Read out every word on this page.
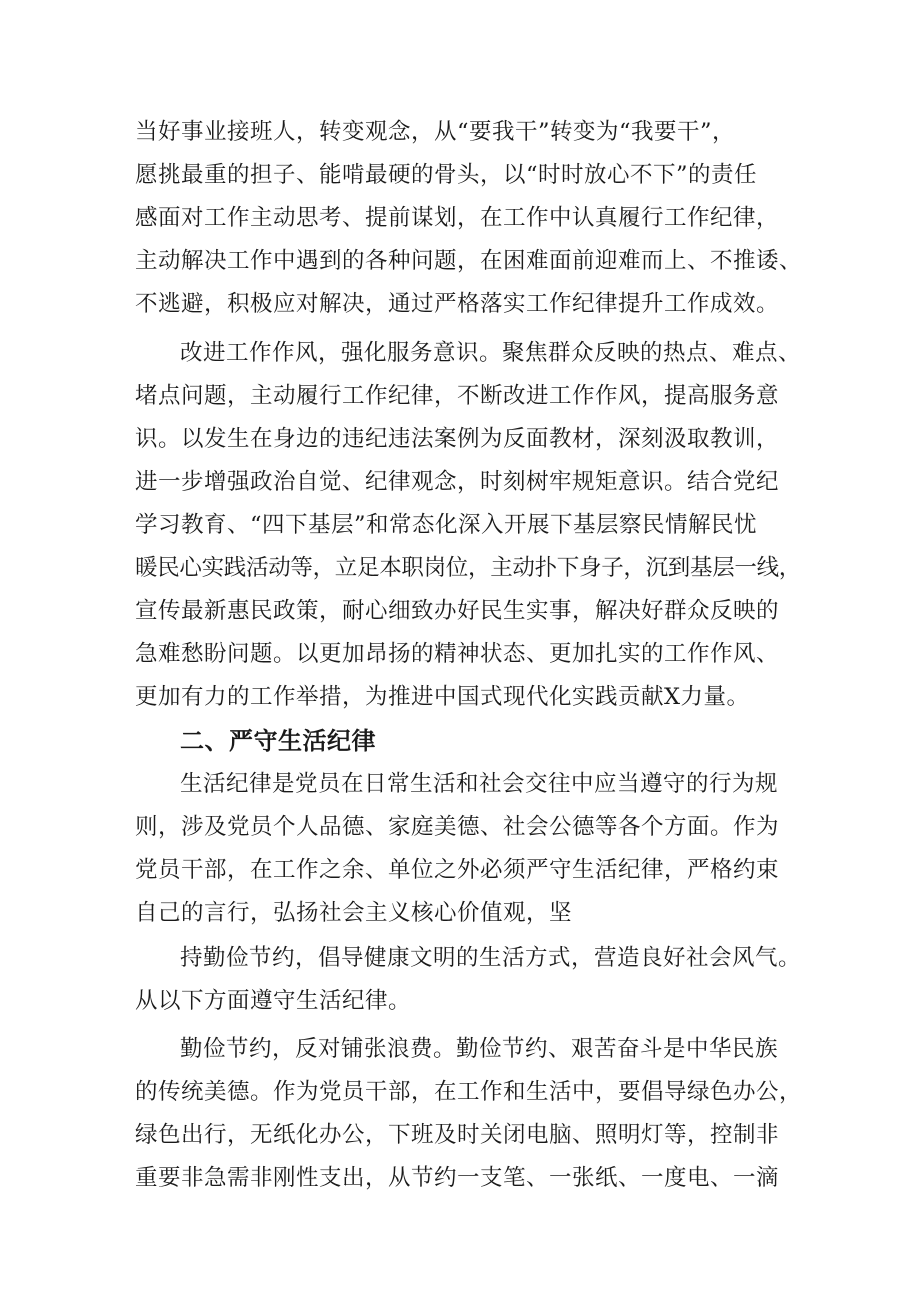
当好事业接班人，转变观念，从“要我干”转变为“我要干”，
愿挑最重的担子、能啃最硬的骨头，以“时时放心不下”的责任
感面对工作主动思考、提前谋划，在工作中认真履行工作纪律，
主动解决工作中遇到的各种问题，在困难面前迎难而上、不推诿、
不逃避，积极应对解决，通过严格落实工作纪律提升工作成效。
改进工作作风，强化服务意识。聚焦群众反映的热点、难点、
堵点问题，主动履行工作纪律，不断改进工作作风，提高服务意
识。以发生在身边的违纪违法案例为反面教材，深刻汲取教训，
进一步增强政治自觉、纪律观念，时刻树牢规矩意识。结合党纪
学习教育、“四下基层”和常态化深入开展下基层察民情解民忧
暖民心实践活动等，立足本职岗位，主动扑下身子，沉到基层一线，
宣传最新惠民政策，耐心细致办好民生实事，解决好群众反映的
急难愁盼问题。以更加昂扬的精神状态、更加扎实的工作作风、
更加有力的工作举措，为推进中国式现代化实践贡献X力量。
二、严守生活纪律
生活纪律是党员在日常生活和社会交往中应当遵守的行为规
则，涉及党员个人品德、家庭美德、社会公德等各个方面。作为
党员干部，在工作之余、单位之外必须严守生活纪律，严格约束
自己的言行，弘扬社会主义核心价值观，坚
持勤俭节约，倡导健康文明的生活方式，营造良好社会风气。
从以下方面遵守生活纪律。
勤俭节约，反对铺张浪费。勤俭节约、艰苦奋斗是中华民族
的传统美德。作为党员干部，在工作和生活中，要倡导绿色办公，
绿色出行，无纸化办公，下班及时关闭电脑、照明灯等，控制非
重要非急需非刚性支出，从节约一支笔、一张纸、一度电、一滴
